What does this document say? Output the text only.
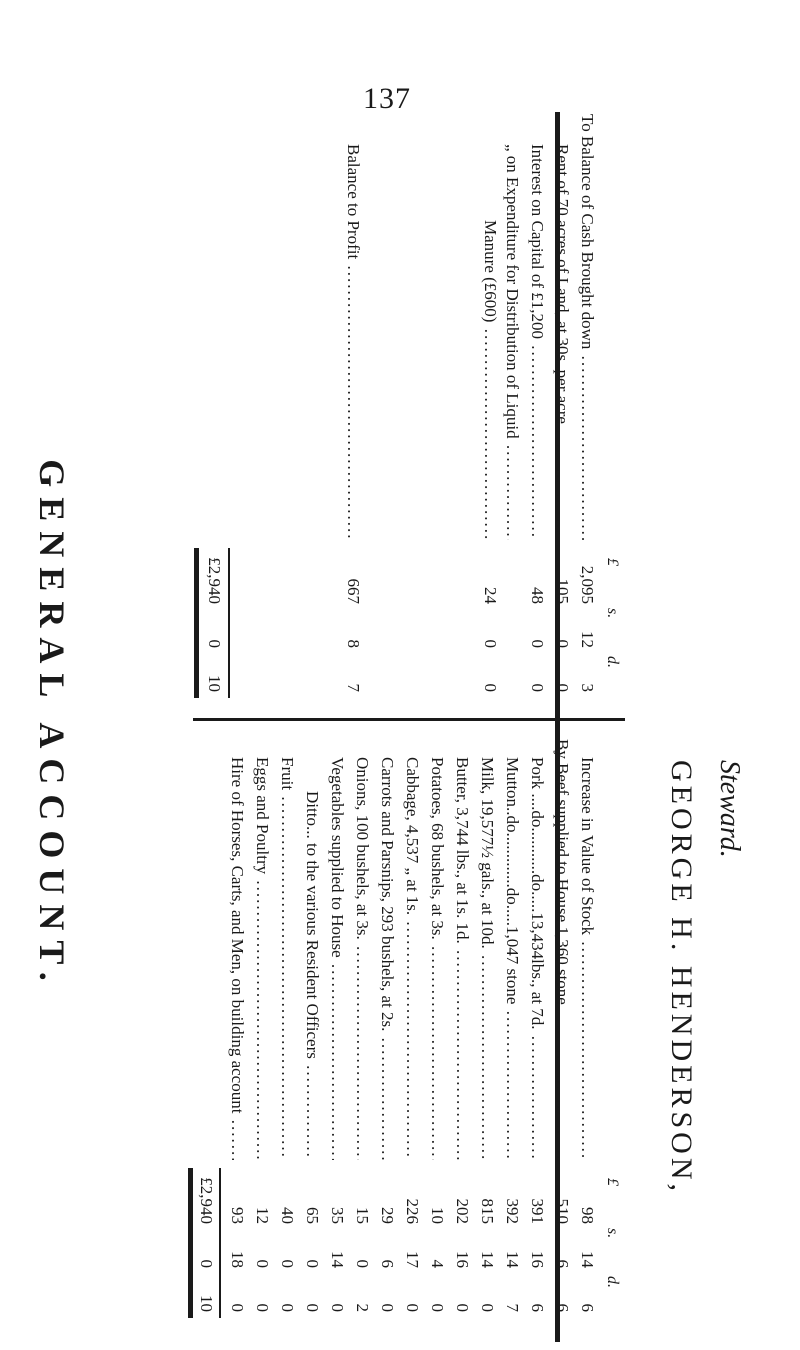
137
GENERAL ACCOUNT.	£
s.
d.
To Balance of Cash Brought down .....
2,095
12
3
Rent of 70 acres of Land, at 30s. per acre .....
105
0
0
Interest on Capital of £1,200 .....
48
0
0
„ on Expenditure for Distribution of Liquid .....
Manure (£600) .....
24
0
0
Balance to Profit .....
667
8
7
£2,940
0
10
£
s.
d.
Increase in Value of Stock .....
98
14
6
By Beef supplied to House 1,360 stone .....
510
6
6
Pork ....do...........do.....13,434lbs., at 7d. .....
391
16
6
Mutton..do.............do.....1,047 stone .....
392
14
7
Milk, 19,577½ gals., at 10d. .....
815
14
0
Butter, 3,744 lbs., at 1s. 1d. .....
202
16
0
Potatoes, 68 bushels, at 3s. .....
10
4
0
Cabbage, 4,537 „ at 1s. .....
226
17
0
Carrots and Parsnips, 293 bushels, at 2s. .....
29
6
0
Onions, 100 bushels, at 3s. .....
15
0
2
Vegetables supplied to House .....
35
14
0
Ditto... to the various Resident Officers .....
65
0
0
Fruit .....
40
0
0
Eggs and Poultry .....
12
0
0
Hire of Horses, Carts, and Men, on building account .....
93
18
0
£2,940
0
10
GEORGE H. HENDERSON, Steward.
